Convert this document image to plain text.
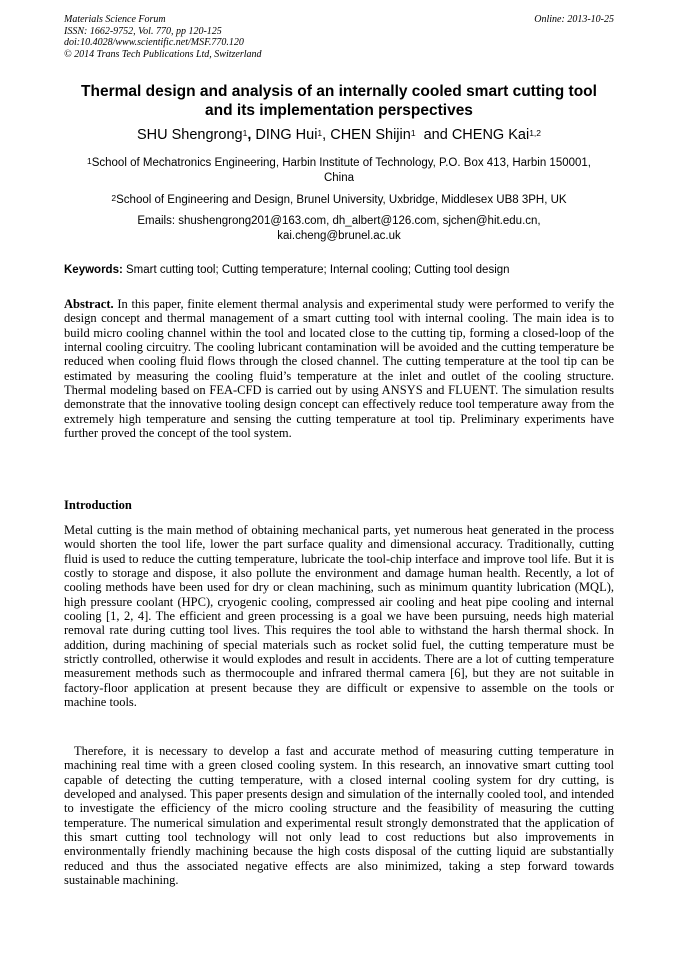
Materials Science Forum
ISSN: 1662-9752, Vol. 770, pp 120-125
doi:10.4028/www.scientific.net/MSF.770.120
© 2014 Trans Tech Publications Ltd, Switzerland
Online: 2013-10-25
Thermal design and analysis of an internally cooled smart cutting tool
and its implementation perspectives
SHU Shengrong$^1$, DING Hui$^1$, CHEN Shijin$^1$  and CHENG Kai$^{1,2}$
$^1$School of Mechatronics Engineering, Harbin Institute of Technology, P.O. Box 413, Harbin 150001,
China
$^2$School of Engineering and Design, Brunel University, Uxbridge, Middlesex UB8 3PH, UK
Emails: shushengrong201@163.com, dh_albert@126.com, sjchen@hit.edu.cn,
kai.cheng@brunel.ac.uk
Keywords: Smart cutting tool; Cutting temperature; Internal cooling; Cutting tool design
Abstract. In this paper, finite element thermal analysis and experimental study were performed to verify the design concept and thermal management of a smart cutting tool with internal cooling. The main idea is to build micro cooling channel within the tool and located close to the cutting tip, forming a closed-loop of the internal cooling circuitry. The cooling lubricant contamination will be avoided and the cutting temperature be reduced when cooling fluid flows through the closed channel. The cutting temperature at the tool tip can be estimated by measuring the cooling fluid’s temperature at the inlet and outlet of the cooling structure. Thermal modeling based on FEA-CFD is carried out by using ANSYS and FLUENT. The simulation results demonstrate that the innovative tooling design concept can effectively reduce tool temperature away from the extremely high temperature and sensing the cutting temperature at tool tip. Preliminary experiments have further proved the concept of the tool system.
Introduction
Metal cutting is the main method of obtaining mechanical parts, yet numerous heat generated in the process would shorten the tool life, lower the part surface quality and dimensional accuracy. Traditionally, cutting fluid is used to reduce the cutting temperature, lubricate the tool-chip interface and improve tool life. But it is costly to storage and dispose, it also pollute the environment and damage human health. Recently, a lot of cooling methods have been used for dry or clean machining, such as minimum quantity lubrication (MQL), high pressure coolant (HPC), cryogenic cooling, compressed air cooling and heat pipe cooling and internal cooling [1, 2, 4]. The efficient and green processing is a goal we have been pursuing, needs high material removal rate during cutting tool lives. This requires the tool able to withstand the harsh thermal shock. In addition, during machining of special materials such as rocket solid fuel, the cutting temperature must be strictly controlled, otherwise it would explodes and result in accidents. There are a lot of cutting temperature measurement methods such as thermocouple and infrared thermal camera [6], but they are not suitable in factory-floor application at present because they are difficult or expensive to assemble on the tools or machine tools.
Therefore, it is necessary to develop a fast and accurate method of measuring cutting temperature in machining real time with a green closed cooling system. In this research, an innovative smart cutting tool capable of detecting the cutting temperature, with a closed internal cooling system for dry cutting, is developed and analysed. This paper presents design and simulation of the internally cooled tool, and intended to investigate the efficiency of the micro cooling structure and the feasibility of measuring the cutting temperature. The numerical simulation and experimental result strongly demonstrated that the application of this smart cutting tool technology will not only lead to cost reductions but also improvements in environmentally friendly machining because the high costs disposal of the cutting liquid are substantially reduced and thus the associated negative effects are also minimized, taking a step forward towards sustainable machining.
